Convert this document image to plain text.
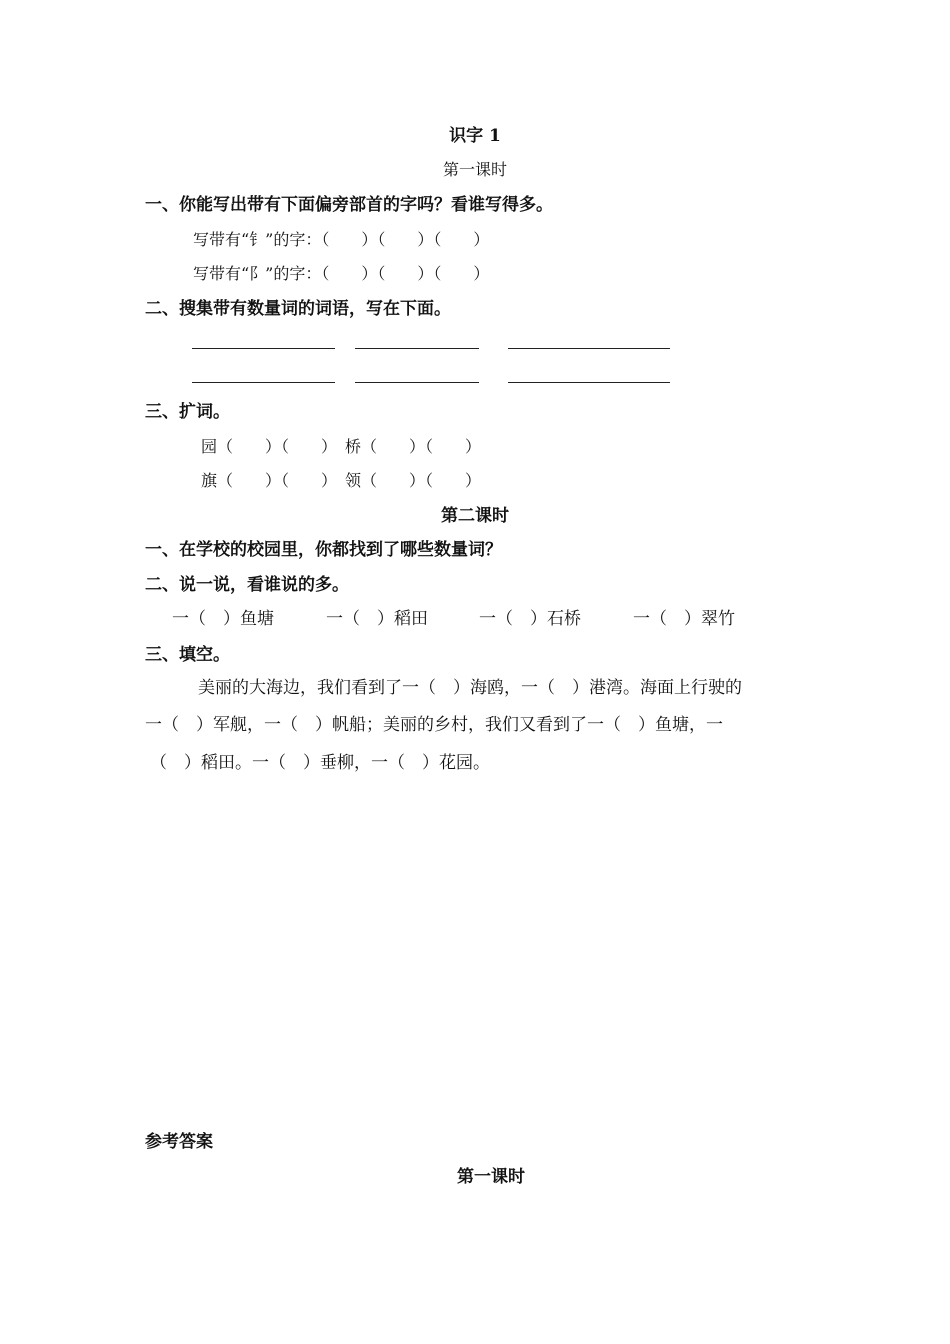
识字 1
第一课时
一、你能写出带有下面偏旁部首的字吗？看谁写得多。
写带有“钅”的字：（　　）（　　）（　　）
写带有“阝”的字：（　　）（　　）（　　）
二、搜集带有数量词的词语，写在下面。
三、扩词。
园（　　）（　　）　桥（　　）（　　）
旗（　　）（　　）　领（　　）（　　）
第二课时
一、在学校的校园里，你都找到了哪些数量词？
二、说一说，看谁说的多。
一（　）鱼塘	一（　）稻田	一（　）石桥	一（　）翠竹
三、填空。
美丽的大海边，我们看到了一（　）海鸥，一（　）港湾。海面上行驶的
一（　）军舰，一（　）帆船；美丽的乡村，我们又看到了一（　）鱼塘，一
（　）稻田。一（　）垂柳，一（　）花园。
参考答案
第一课时
